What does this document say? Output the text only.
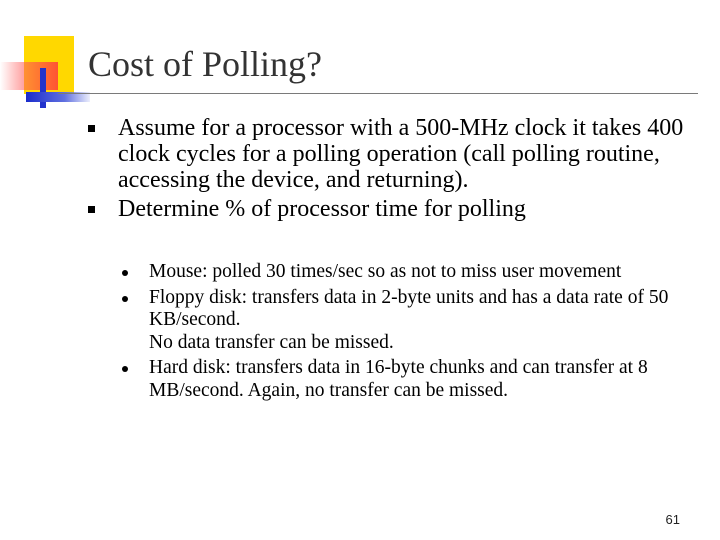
Cost of Polling?
Assume for a processor with a 500-MHz clock it takes 400 clock cycles for a polling operation (call polling routine, accessing the device, and returning).
Determine % of processor time for polling
Mouse: polled 30 times/sec so as not to miss user movement
Floppy disk: transfers data in 2-byte units and has a data rate of 50 KB/second.
No data transfer can be missed.
Hard disk: transfers data in 16-byte chunks and can transfer at 8 MB/second. Again, no transfer can be missed.
61
